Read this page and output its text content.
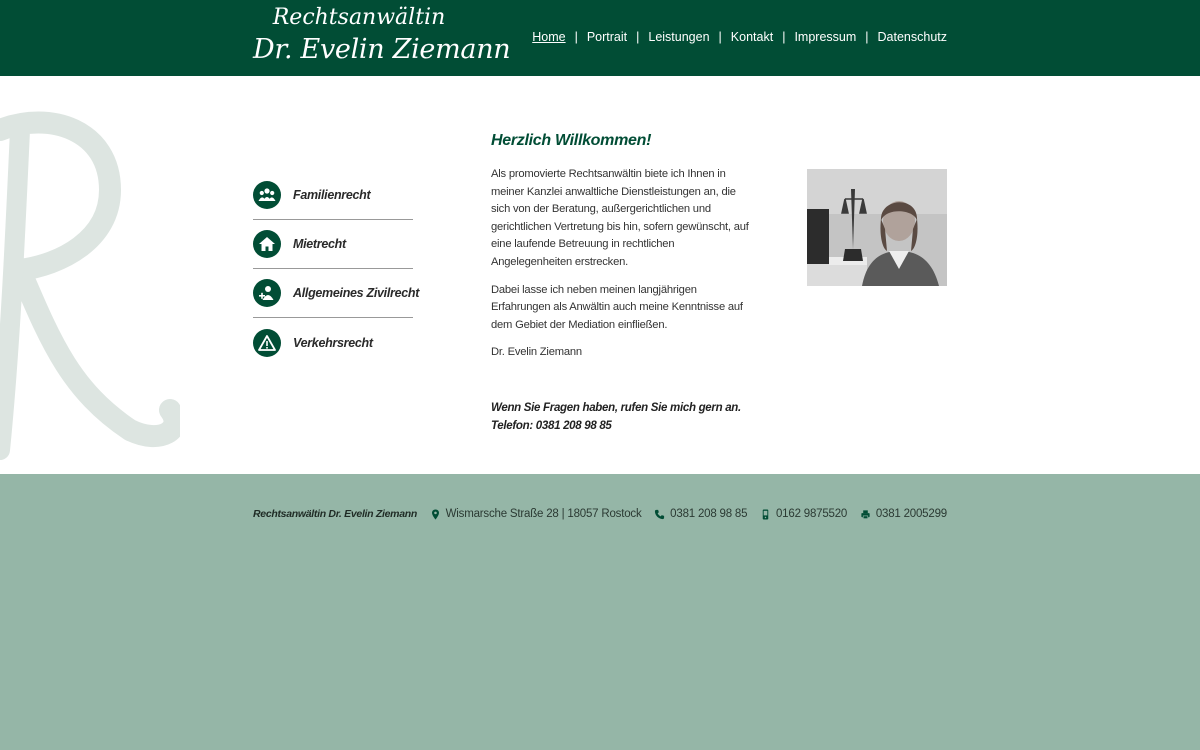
Rechtsanwältin
Dr. Evelin Ziemann Home | Portrait | Leistungen | Kontakt | Impressum | Datenschutz
Familienrecht
Mietrecht
Allgemeines Zivilrecht
Verkehrsrecht
Herzlich Willkommen!

Als promovierte Rechtsanwältin biete ich Ihnen in meiner Kanzlei anwaltliche Dienstleistungen an, die sich von der Beratung, außergerichtlichen und gerichtlichen Vertretung bis hin, sofern gewünscht, auf eine laufende Betreuung in rechtlichen Angelegenheiten erstrecken.

Dabei lasse ich neben meinen langjährigen Erfahrungen als Anwältin auch meine Kenntnisse auf dem Gebiet der Mediation einfließen.

Dr. Evelin Ziemann

Wenn Sie Fragen haben, rufen Sie mich gern an.
Telefon: 0381 208 98 85
Rechtsanwältin Dr. Evelin Ziemann Wismarsche Straße 28 | 18057 Rostock 0381 208 98 85 0162 9875520 0381 2005299
